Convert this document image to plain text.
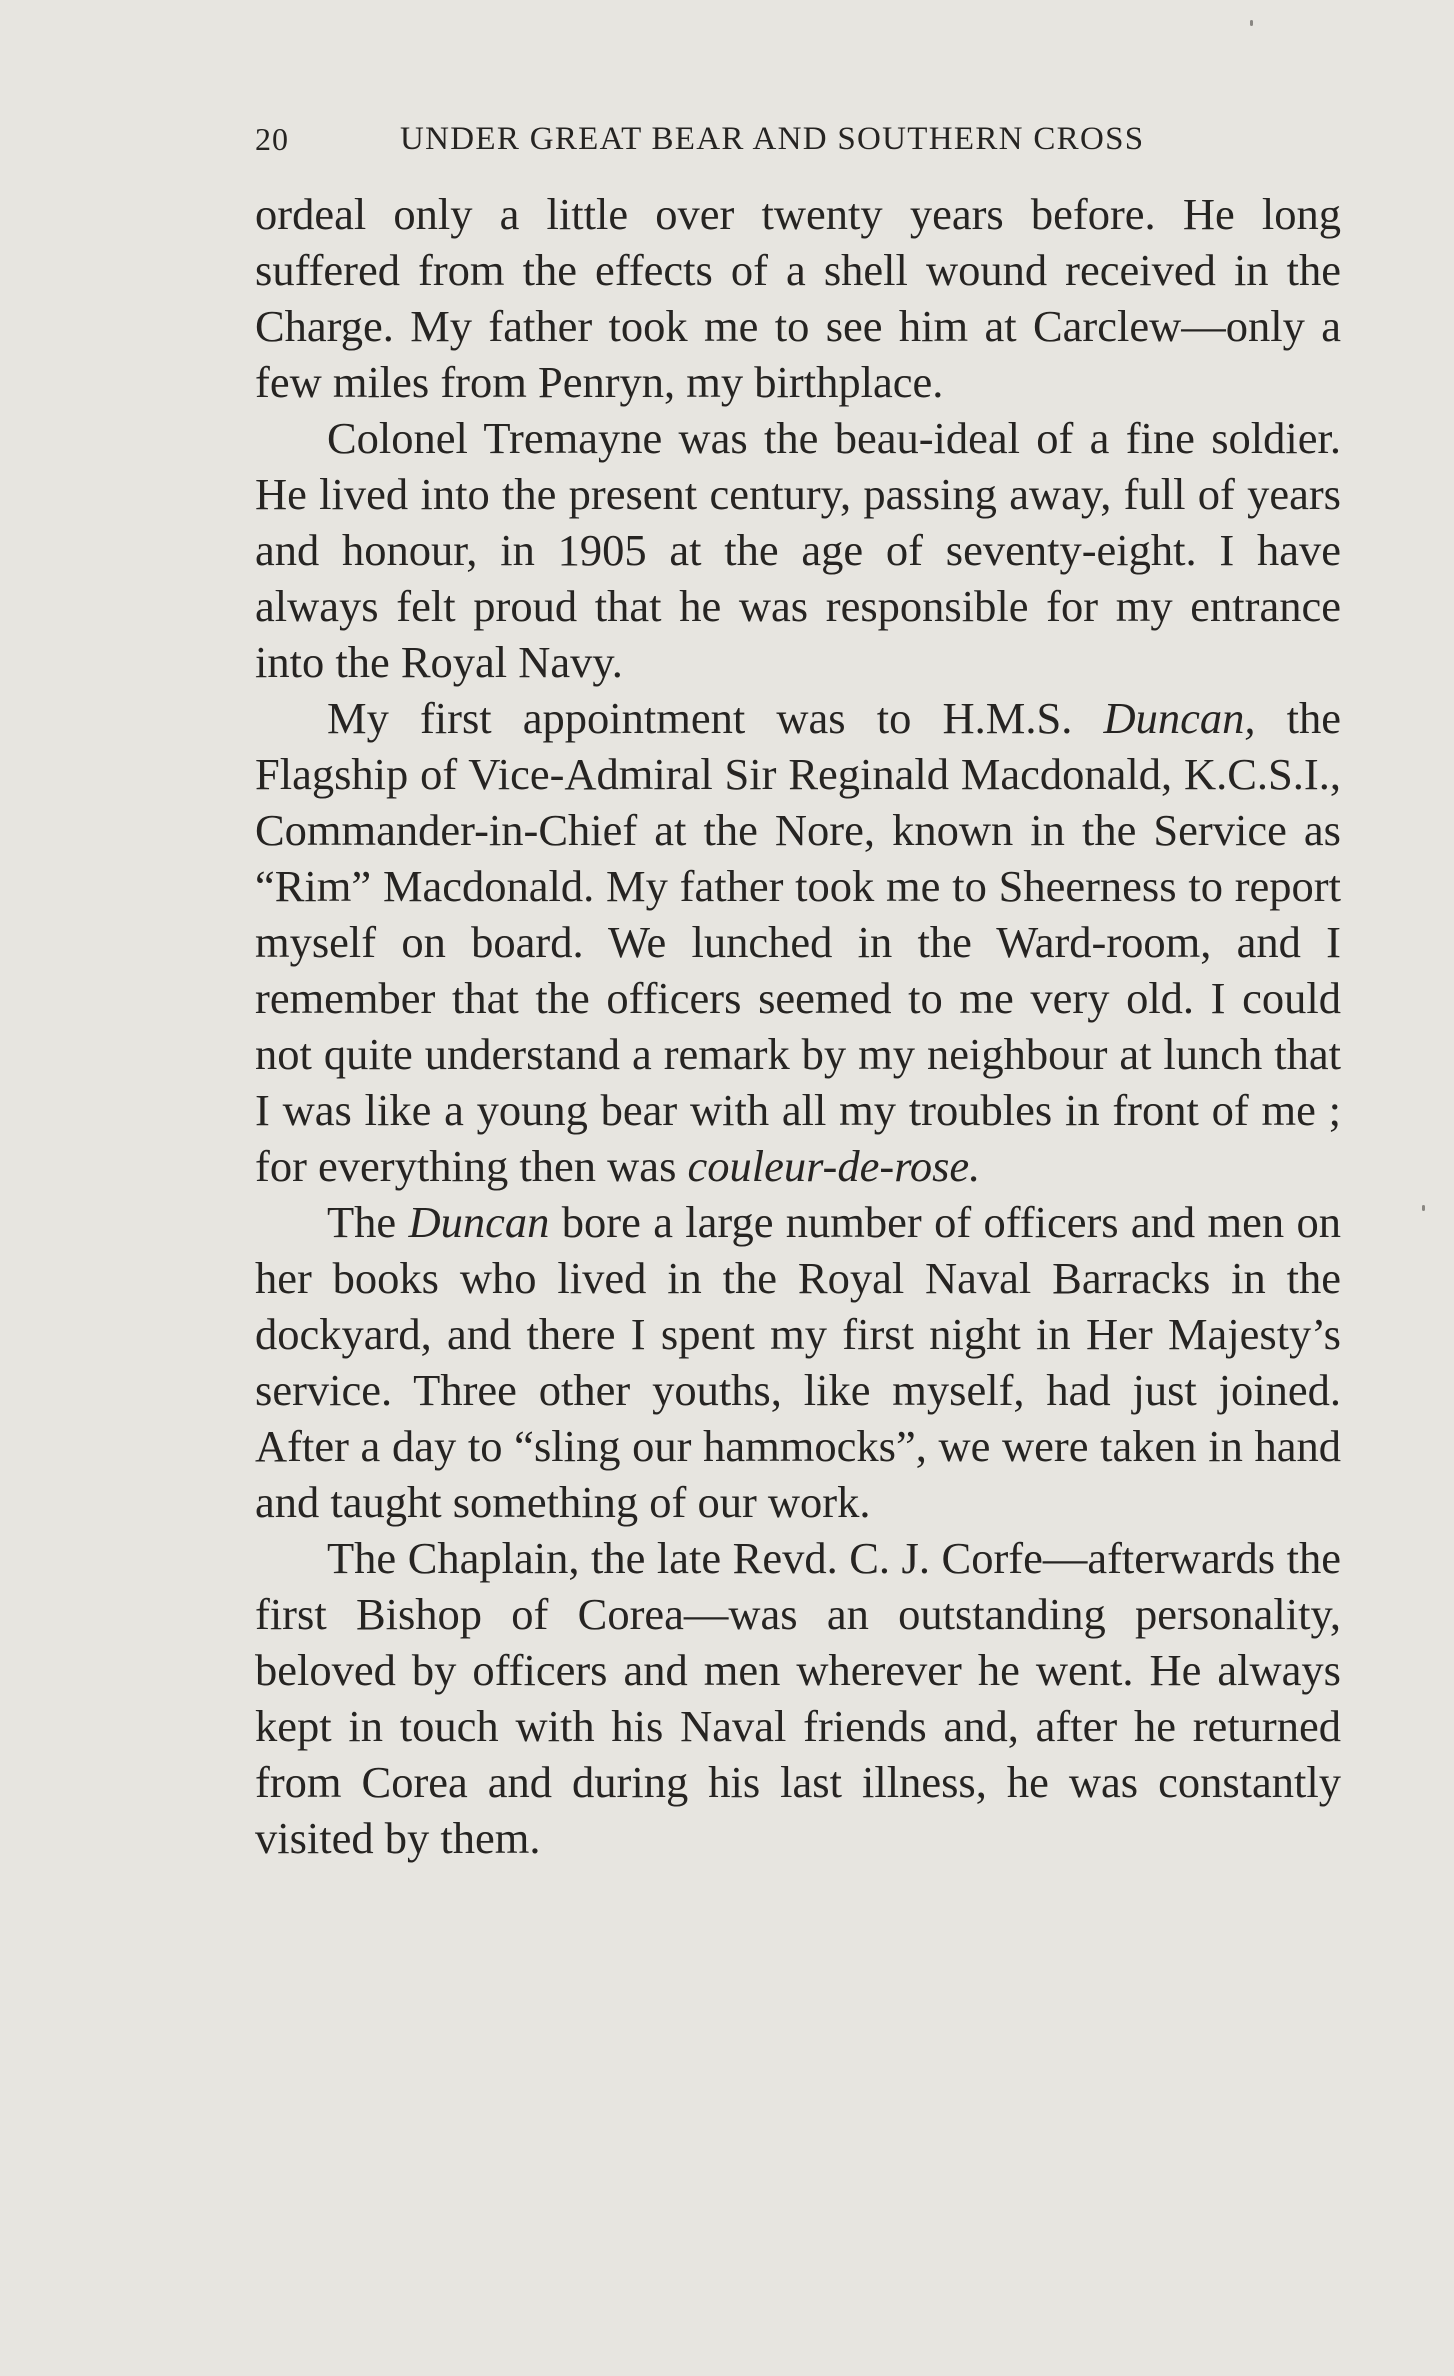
20	UNDER GREAT BEAR AND SOUTHERN CROSS

ordeal only a little over twenty years before. He long suffered from the effects of a shell wound received in the Charge. My father took me to see him at Carclew—only a few miles from Penryn, my birthplace.

Colonel Tremayne was the beau-ideal of a fine soldier. He lived into the present century, passing away, full of years and honour, in 1905 at the age of seventy-eight. I have always felt proud that he was responsible for my entrance into the Royal Navy.

My first appointment was to H.M.S. Duncan, the Flagship of Vice-Admiral Sir Reginald Macdonald, K.C.S.I., Commander-in-Chief at the Nore, known in the Service as “Rim” Macdonald. My father took me to Sheerness to report myself on board. We lunched in the Ward-room, and I remember that the officers seemed to me very old. I could not quite understand a remark by my neighbour at lunch that I was like a young bear with all my troubles in front of me ; for everything then was couleur-de-rose.

The Duncan bore a large number of officers and men on her books who lived in the Royal Naval Barracks in the dockyard, and there I spent my first night in Her Majesty’s service. Three other youths, like myself, had just joined. After a day to “sling our hammocks”, we were taken in hand and taught something of our work.

The Chaplain, the late Revd. C. J. Corfe—afterwards the first Bishop of Corea—was an outstanding personality, beloved by officers and men wherever he went. He always kept in touch with his Naval friends and, after he returned from Corea and during his last illness, he was constantly visited by them.
